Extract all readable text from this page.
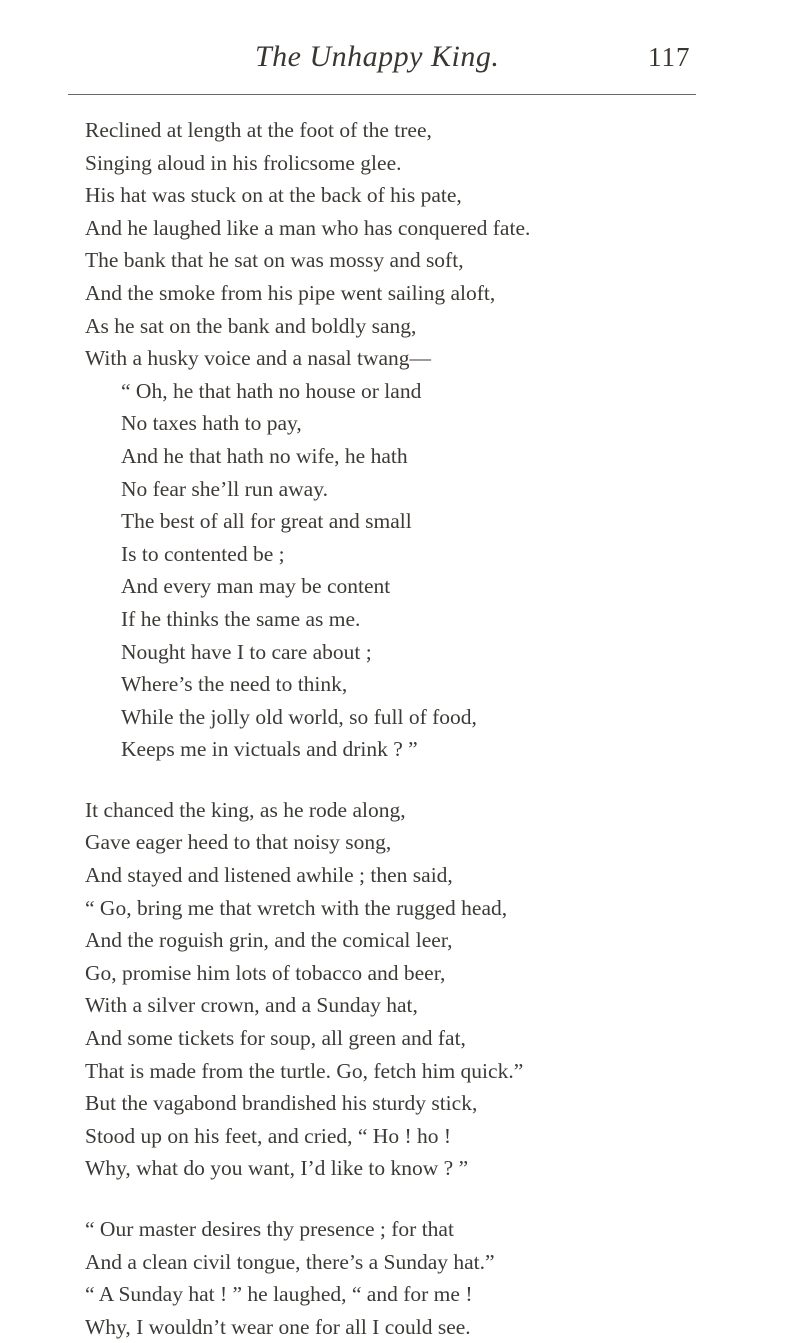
The Unhappy King.	117
Reclined at length at the foot of the tree,
Singing aloud in his frolicsome glee.
His hat was stuck on at the back of his pate,
And he laughed like a man who has conquered fate.
The bank that he sat on was mossy and soft,
And the smoke from his pipe went sailing aloft,
As he sat on the bank and boldly sang,
With a husky voice and a nasal twang—
“ Oh, he that hath no house or land
No taxes hath to pay,
And he that hath no wife, he hath
No fear she’ll run away.
The best of all for great and small
Is to contented be ;
And every man may be content
If he thinks the same as me.
Nought have I to care about ;
Where’s the need to think,
While the jolly old world, so full of food,
Keeps me in victuals and drink ? ”
It chanced the king, as he rode along,
Gave eager heed to that noisy song,
And stayed and listened awhile ; then said,
“ Go, bring me that wretch with the rugged head,
And the roguish grin, and the comical leer,
Go, promise him lots of tobacco and beer,
With a silver crown, and a Sunday hat,
And some tickets for soup, all green and fat,
That is made from the turtle. Go, fetch him quick.”
But the vagabond brandished his sturdy stick,
Stood up on his feet, and cried, “ Ho ! ho !
Why, what do you want, I’d like to know ? ”
“ Our master desires thy presence ; for that
And a clean civil tongue, there’s a Sunday hat.”
“ A Sunday hat ! ” he laughed, “ and for me !
Why, I wouldn’t wear one for all I could see.
